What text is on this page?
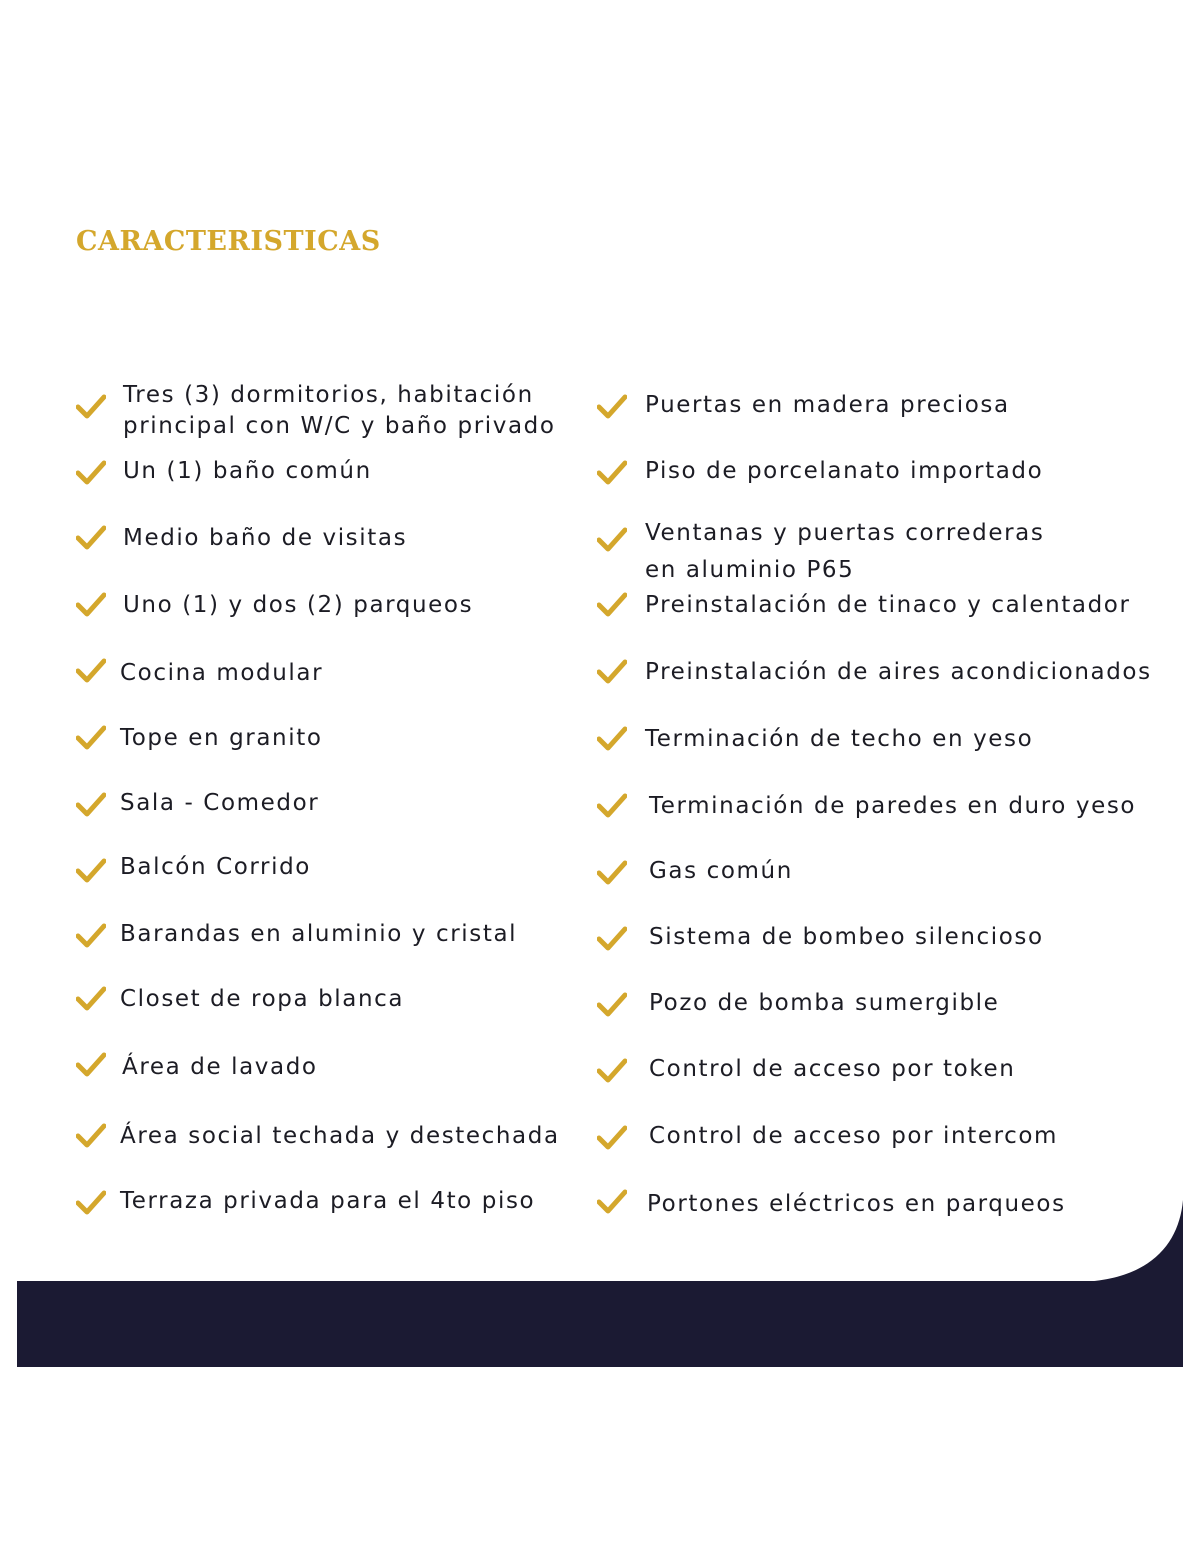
CARACTERISTICAS
Tres (3) dormitorios, habitación
principal con W/C y baño privado
Un (1) baño común
Medio baño de visitas
Uno (1) y dos (2) parqueos
Cocina modular
Tope en granito
Sala - Comedor
Balcón Corrido
Barandas en aluminio y cristal
Closet de ropa blanca
Área de lavado
Área social techada y destechada
Terraza privada para el 4to piso
Puertas en madera preciosa
Piso de porcelanato importado
Ventanas y puertas correderas
en aluminio P65
Preinstalación de tinaco y calentador
Preinstalación de aires acondicionados
Terminación de techo en yeso
Terminación de paredes en duro yeso
Gas común
Sistema de bombeo silencioso
Pozo de bomba sumergible
Control de acceso por token
Control de acceso por intercom
Portones eléctricos en parqueos
